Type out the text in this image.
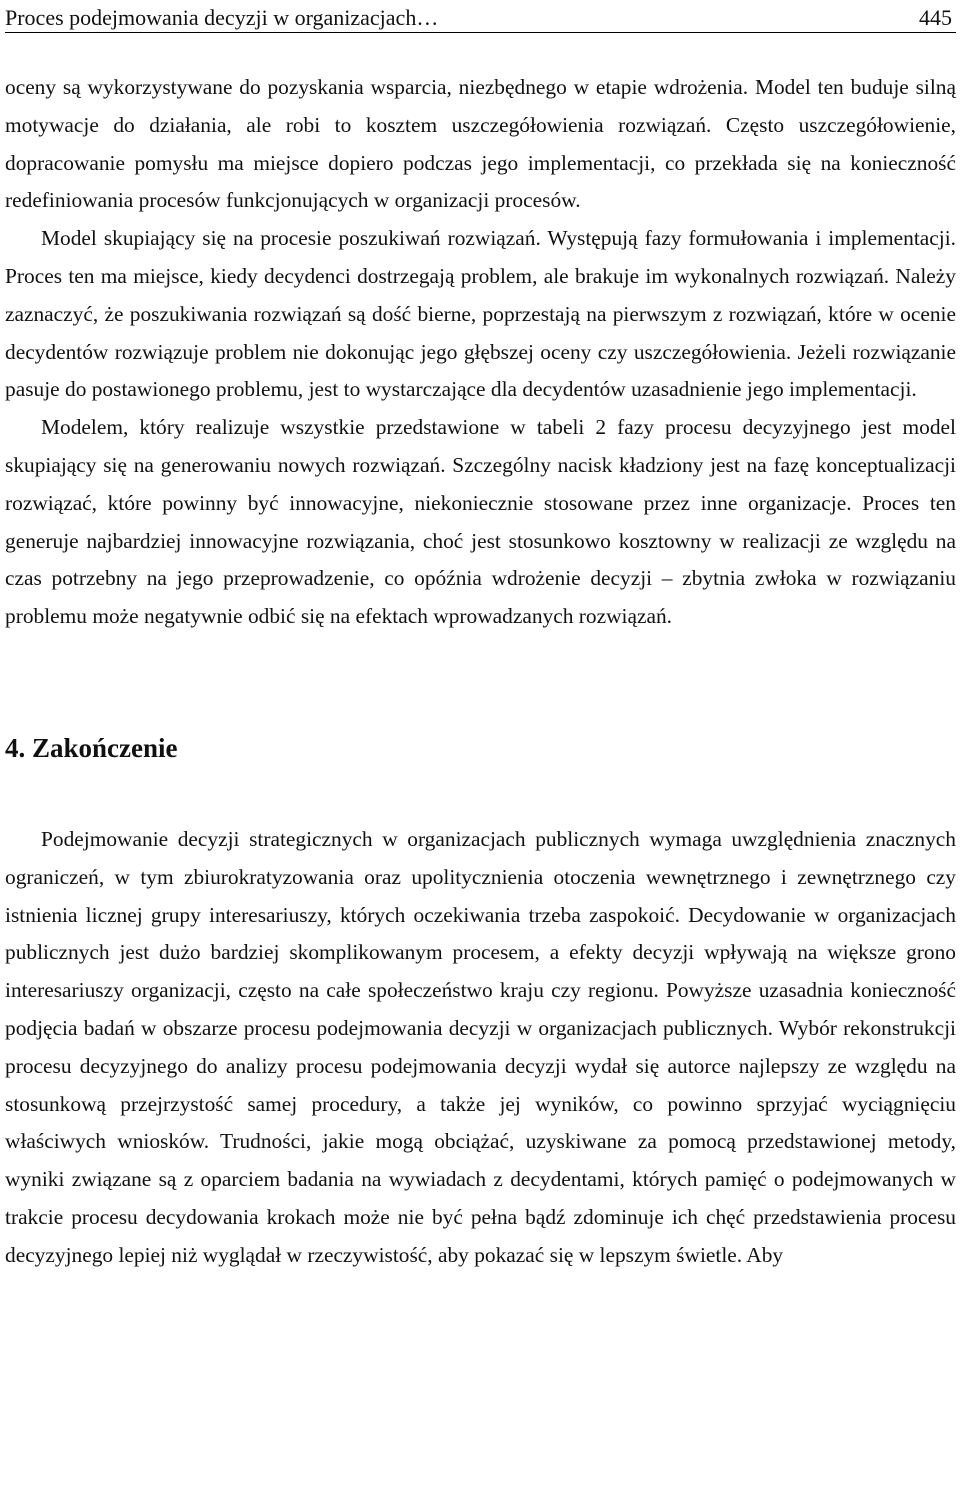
Proces podejmowania decyzji w organizacjach…	445

oceny są wykorzystywane do pozyskania wsparcia, niezbędnego w etapie wdrożenia. Model ten buduje silną motywacje do działania, ale robi to kosztem uszczegółowienia rozwiązań. Często uszczegółowienie, dopracowanie pomysłu ma miejsce dopiero podczas jego implementacji, co przekłada się na konieczność redefiniowania procesów funkcjonujących w organizacji procesów.

Model skupiający się na procesie poszukiwań rozwiązań. Występują fazy formułowania i implementacji. Proces ten ma miejsce, kiedy decydenci dostrzegają problem, ale brakuje im wykonalnych rozwiązań. Należy zaznaczyć, że poszukiwania rozwiązań są dość bierne, poprzestają na pierwszym z rozwiązań, które w ocenie decydentów rozwiązuje problem nie dokonując jego głębszej oceny czy uszczegółowienia. Jeżeli rozwiązanie pasuje do postawionego problemu, jest to wystarczające dla decydentów uzasadnienie jego implementacji.

Modelem, który realizuje wszystkie przedstawione w tabeli 2 fazy procesu decyzyjnego jest model skupiający się na generowaniu nowych rozwiązań. Szczególny nacisk kładziony jest na fazę konceptualizacji rozwiązać, które powinny być innowacyjne, niekoniecznie stosowane przez inne organizacje. Proces ten generuje najbardziej innowacyjne rozwiązania, choć jest stosunkowo kosztowny w realizacji ze względu na czas potrzebny na jego przeprowadzenie, co opóźnia wdrożenie decyzji – zbytnia zwłoka w rozwiązaniu problemu może negatywnie odbić się na efektach wprowadzanych rozwiązań.

4. Zakończenie

Podejmowanie decyzji strategicznych w organizacjach publicznych wymaga uwzględnienia znacznych ograniczeń, w tym zbiurokratyzowania oraz upolitycznienia otoczenia wewnętrznego i zewnętrznego czy istnienia licznej grupy interesariuszy, których oczekiwania trzeba zaspokoić. Decydowanie w organizacjach publicznych jest dużo bardziej skomplikowanym procesem, a efekty decyzji wpływają na większe grono interesariuszy organizacji, często na całe społeczeństwo kraju czy regionu. Powyższe uzasadnia konieczność podjęcia badań w obszarze procesu podejmowania decyzji w organizacjach publicznych. Wybór rekonstrukcji procesu decyzyjnego do analizy procesu podejmowania decyzji wydał się autorce najlepszy ze względu na stosunkową przejrzystość samej procedury, a także jej wyników, co powinno sprzyjać wyciągnięciu właściwych wniosków. Trudności, jakie mogą obciążać, uzyskiwane za pomocą przedstawionej metody, wyniki związane są z oparciem badania na wywiadach z decydentami, których pamięć o podejmowanych w trakcie procesu decydowania krokach może nie być pełna bądź zdominuje ich chęć przedstawienia procesu decyzyjnego lepiej niż wyglądał w rzeczywistość, aby pokazać się w lepszym świetle. Aby
